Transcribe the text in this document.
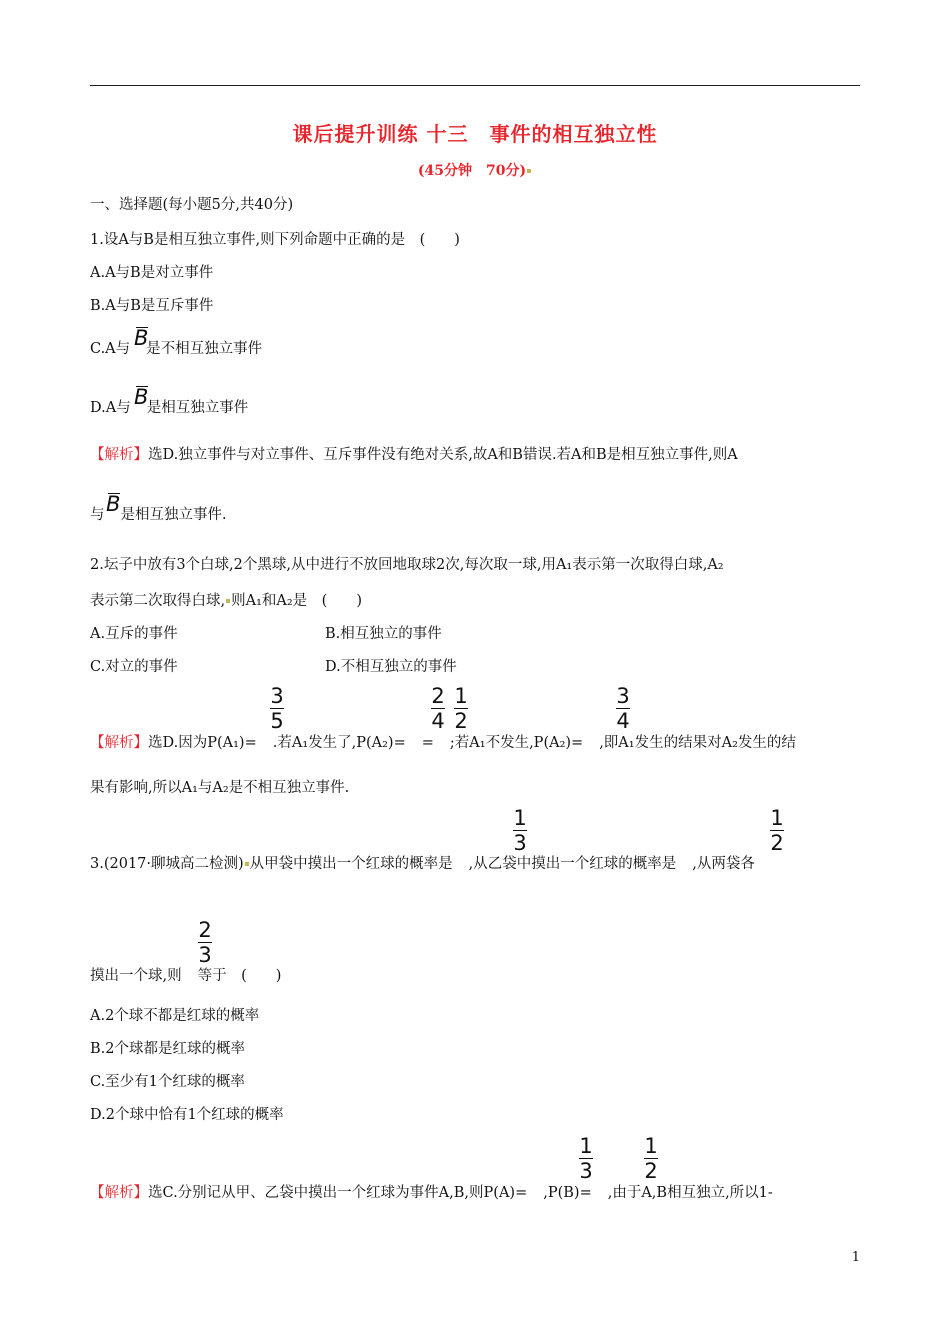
课后提升训练 十三　事件的相互独立性
(45分钟　70分)
一、选择题(每小题5分,共40分)
1.设A与B是相互独立事件,则下列命题中正确的是　(　　)
A.A与B是对立事件
B.A与B是互斥事件
C.A与 是不相互独立事件
B
D.A与 是相互独立事件
B
【解析】选D.独立事件与对立事件、互斥事件没有绝对关系,故A和B错误.若A和B是相互独立事件,则A
与 是相互独立事件.
B
2.坛子中放有3个白球,2个黑球,从中进行不放回地取球2次,每次取一球,用A₁表示第一次取得白球,A₂
表示第二次取得白球, 则A₁和A₂是　(　　)
A.互斥的事件	B.相互独立的事件
C.对立的事件	D.不相互独立的事件
【解析】选D.因为P(A₁)= .若A₁发生了,P(A₂)= = ;若A₁不发生,P(A₂)= ,即A₁发生的结果对A₂发生的结
3
5
2
4
1
2
3
4
果有影响,所以A₁与A₂是不相互独立事件.
3.(2017·聊城高二检测) 从甲袋中摸出一个红球的概率是 ,从乙袋中摸出一个红球的概率是 ,从两袋各
1
3
1
2
摸出一个球,则 等于　(　　)
2
3
A.2个球不都是红球的概率
B.2个球都是红球的概率
C.至少有1个红球的概率
D.2个球中恰有1个红球的概率
【解析】选C.分别记从甲、乙袋中摸出一个红球为事件A,B,则P(A)= ,P(B)= ,由于A,B相互独立,所以1-
1
3
1
2
1
